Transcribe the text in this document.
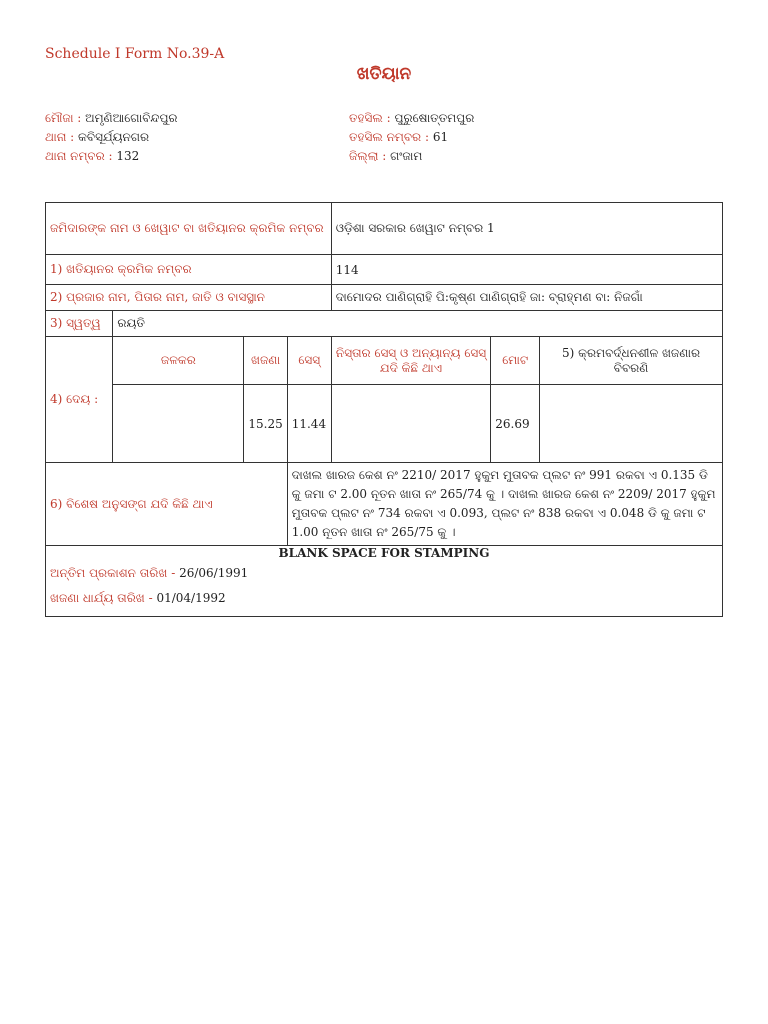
Schedule I Form No.39-A
ଖତିୟାନ
ମୌଜା : ଅମୃଣିଆଗୋବିନ୍ଦପୁର
ଥାନା : କବିସୂର୍ଯ୍ୟନଗର
ଥାନା ନମ୍ବର : 132
ତହସିଲ : ପୁରୁଷୋତ୍ତମପୁର
ତହସିଲ ନମ୍ବର : 61
ଜିଲ୍ଲା : ଗଂଜାମ
ଜମିଦାରଙ୍କ ନାମ ଓ ଖେୱାଟ ବା ଖତିୟାନର କ୍ରମିକ ନମ୍ବର				ଓଡ଼ିଶା ସରକାର ଖେୱାଟ ନମ୍ବର 1		
1) ଖତିୟାନର କ୍ରମିକ ନମ୍ବର				114		
2) ପ୍ରଜାର ନାମ, ପିତାର ନାମ, ଜାତି ଓ ବାସସ୍ଥାନ				ଦାମୋଦର ପାଣିଗ୍ରାହି ପି:କୃଷ୍ଣ ପାଣିଗ୍ରାହି ଜା: ବ୍ରାହ୍ମଣ ବା: ନିଜଗାଁ		
3) ସ୍ୱତ୍ୱ	ରୟତି					
4) ଦେୟ :	ଜଳକର	ଖଜଣା	ସେସ୍	ନିସ୍ତାର ସେସ୍ ଓ ଅନ୍ୟାନ୍ୟ ସେସ୍ ଯଦି କିଛି ଥାଏ	ମୋଟ	5) କ୍ରମବର୍ଦ୍ଧନଶୀଳ ଖଜଣାର ବିବରଣି
		15.25	11.44		26.69	
6) ବିଶେଷ ଅନୁସଙ୍ଗ ଯଦି କିଛି ଥାଏ			ଦାଖଲ ଖାରଜ କେଶ ନଂ 2210/ 2017 ହୁକୁମ ମୁତାବକ ପ୍ଲଟ ନଂ 991 ରକବା ଏ 0.135 ଡି କୁ ଜମା ଟ 2.00 ନୂତନ ଖାତା ନଂ 265/74 କୁ । ଦାଖଲ ଖାରଜ କେଶ ନଂ 2209/ 2017 ହୁକୁମ ମୁତାବକ ପ୍ଲଟ ନଂ 734 ରକବା ଏ 0.093, ପ୍ଲଟ ନଂ 838 ରକବା ଏ 0.048 ଡି କୁ ଜମା ଟ 1.00 ନୂତନ ଖାତା ନଂ 265/75 କୁ ।			

BLANK SPACE FOR STAMPING
ଅନ୍ତିମ ପ୍ରକାଶନ ତାରିଖ - 26/06/1991
ଖଜଣା ଧାର୍ଯ୍ୟ ତାରିଖ - 01/04/1992						
